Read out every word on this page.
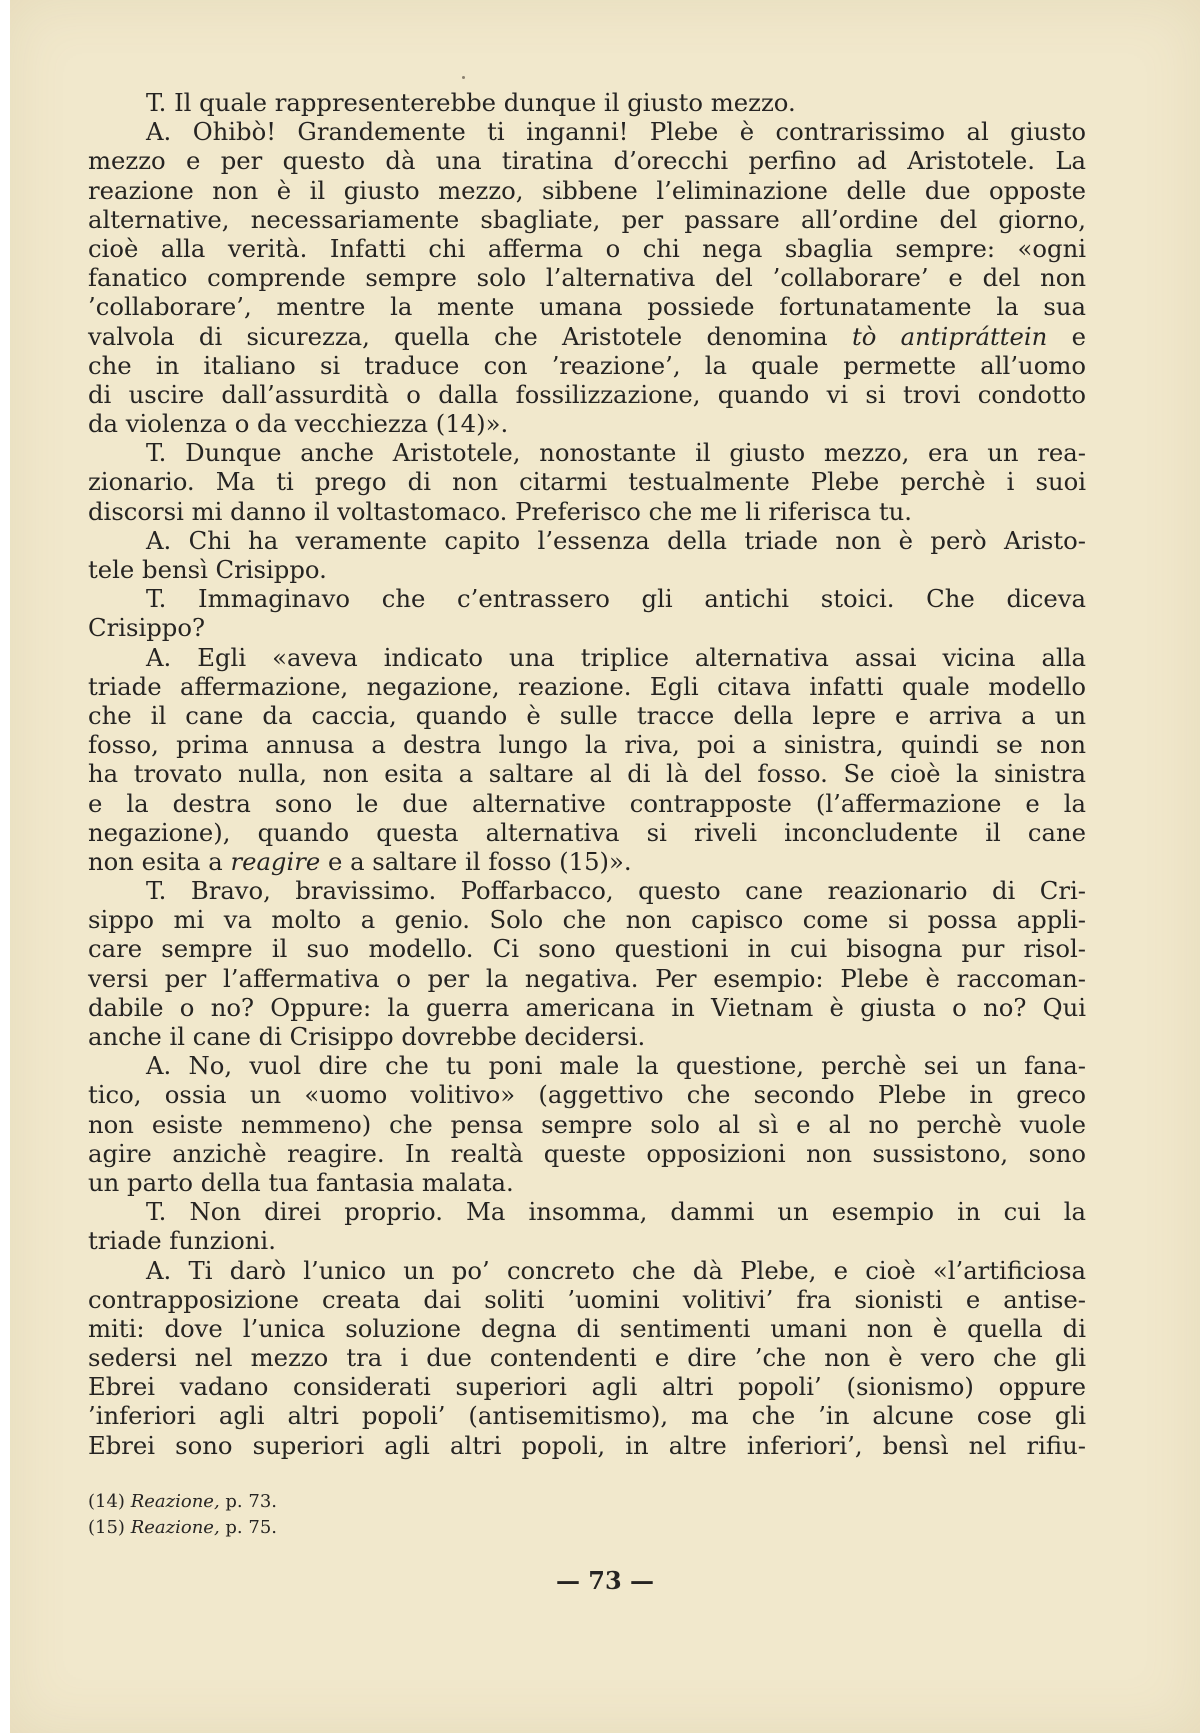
T. Il quale rappresenterebbe dunque il giusto mezzo.
A. Ohibò! Grandemente ti inganni! Plebe è contrarissimo al giusto
mezzo e per questo dà una tiratina d’orecchi perfino ad Aristotele. La
reazione non è il giusto mezzo, sibbene l’eliminazione delle due opposte
alternative, necessariamente sbagliate, per passare all’ordine del giorno,
cioè alla verità. Infatti chi afferma o chi nega sbaglia sempre: «ogni
fanatico comprende sempre solo l’alternativa del ’collaborare’ e del non
’collaborare’, mentre la mente umana possiede fortunatamente la sua
valvola di sicurezza, quella che Aristotele denomina tò antipráttein e
che in italiano si traduce con ’reazione’, la quale permette all’uomo
di uscire dall’assurdità o dalla fossilizzazione, quando vi si trovi condotto
da violenza o da vecchiezza (14)».
T. Dunque anche Aristotele, nonostante il giusto mezzo, era un rea-
zionario. Ma ti prego di non citarmi testualmente Plebe perchè i suoi
discorsi mi danno il voltastomaco. Preferisco che me li riferisca tu.
A. Chi ha veramente capito l’essenza della triade non è però Aristo-
tele bensì Crisippo.
T. Immaginavo che c’entrassero gli antichi stoici. Che diceva
Crisippo?
A. Egli «aveva indicato una triplice alternativa assai vicina alla
triade affermazione, negazione, reazione. Egli citava infatti quale modello
che il cane da caccia, quando è sulle tracce della lepre e arriva a un
fosso, prima annusa a destra lungo la riva, poi a sinistra, quindi se non
ha trovato nulla, non esita a saltare al di là del fosso. Se cioè la sinistra
e la destra sono le due alternative contrapposte (l’affermazione e la
negazione), quando questa alternativa si riveli inconcludente il cane
non esita a reagire e a saltare il fosso (15)».
T. Bravo, bravissimo. Poffarbacco, questo cane reazionario di Cri-
sippo mi va molto a genio. Solo che non capisco come si possa appli-
care sempre il suo modello. Ci sono questioni in cui bisogna pur risol-
versi per l’affermativa o per la negativa. Per esempio: Plebe è raccoman-
dabile o no? Oppure: la guerra americana in Vietnam è giusta o no? Qui
anche il cane di Crisippo dovrebbe decidersi.
A. No, vuol dire che tu poni male la questione, perchè sei un fana-
tico, ossia un «uomo volitivo» (aggettivo che secondo Plebe in greco
non esiste nemmeno) che pensa sempre solo al sì e al no perchè vuole
agire anzichè reagire. In realtà queste opposizioni non sussistono, sono
un parto della tua fantasia malata.
T. Non direi proprio. Ma insomma, dammi un esempio in cui la
triade funzioni.
A. Ti darò l’unico un po’ concreto che dà Plebe, e cioè «l’artificiosa
contrapposizione creata dai soliti ’uomini volitivi’ fra sionisti e antise-
miti: dove l’unica soluzione degna di sentimenti umani non è quella di
sedersi nel mezzo tra i due contendenti e dire ’che non è vero che gli
Ebrei vadano considerati superiori agli altri popoli’ (sionismo) oppure
’inferiori agli altri popoli’ (antisemitismo), ma che ’in alcune cose gli
Ebrei sono superiori agli altri popoli, in altre inferiori’, bensì nel rifiu-
(14) Reazione, p. 73.
(15) Reazione, p. 75.
— 73 —
